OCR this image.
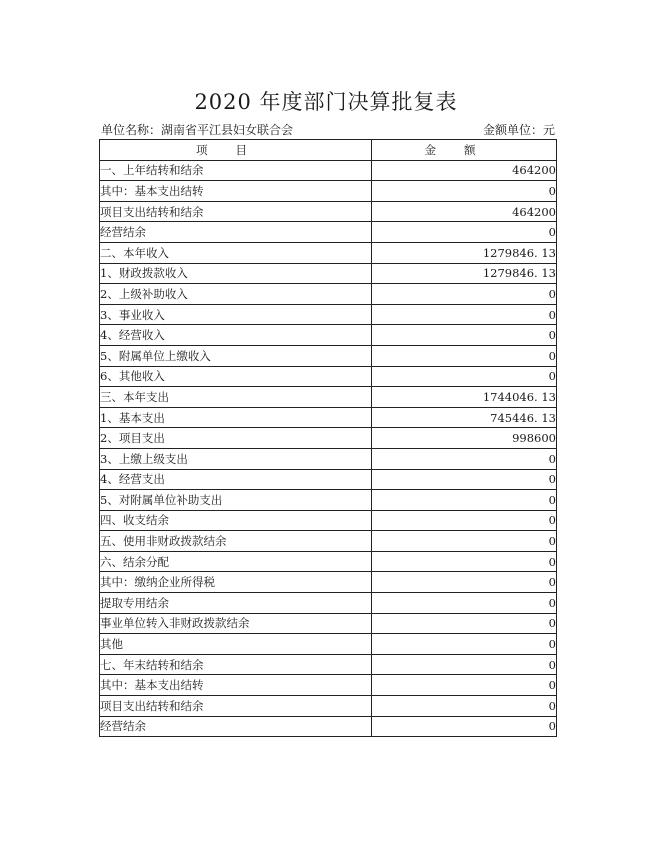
2020 年度部门决算批复表
单位名称：湖南省平江县妇女联合会	金额单位：元
项目	金额
一、上年结转和结余	464200
其中：基本支出结转	0
项目支出结转和结余	464200
经营结余	0
二、本年收入	1279846. 13
1、财政拨款收入	1279846. 13
2、上级补助收入	0
3、事业收入	0
4、经营收入	0
5、附属单位上缴收入	0
6、其他收入	0
三、本年支出	1744046. 13
1、基本支出	745446. 13
2、项目支出	998600
3、上缴上级支出	0
4、经营支出	0
5、对附属单位补助支出	0
四、收支结余	0
五、使用非财政拨款结余	0
六、结余分配	0
其中：缴纳企业所得税	0
提取专用结余	0
事业单位转入非财政拨款结余	0
其他	0
七、年末结转和结余	0
其中：基本支出结转	0
项目支出结转和结余	0
经营结余	0
